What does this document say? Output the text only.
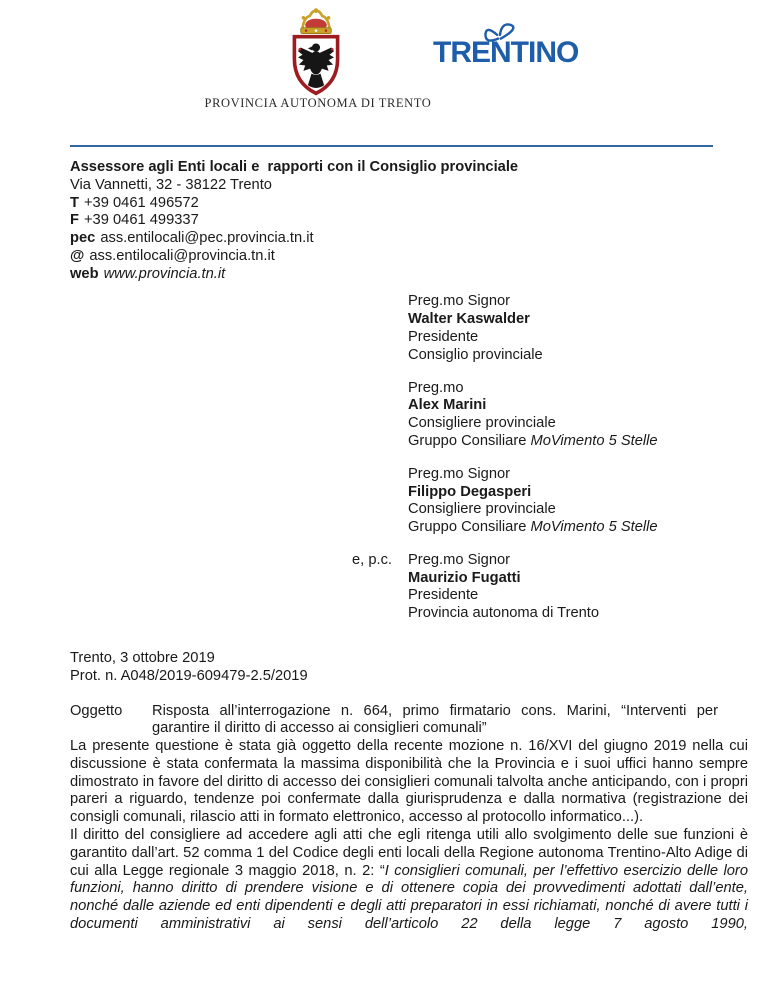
PROVINCIA AUTONOMA DI TRENTO
TRENTINO
Assessore agli Enti locali e  rapporti con il Consiglio provinciale
Via Vannetti, 32 - 38122 Trento
T +39 0461 496572
F +39 0461 499337
pec ass.entilocali@pec.provincia.tn.it
@ ass.entilocali@provincia.tn.it
web www.provincia.tn.it
Preg.mo Signor
Walter Kaswalder
Presidente
Consiglio provinciale
Preg.mo
Alex Marini
Consigliere provinciale
Gruppo Consiliare MoVimento 5 Stelle
Preg.mo Signor
Filippo Degasperi
Consigliere provinciale
Gruppo Consiliare MoVimento 5 Stelle
e, p.c. Preg.mo Signor
Maurizio Fugatti
Presidente
Provincia autonoma di Trento
Trento, 3 ottobre 2019
Prot. n. A048/2019-609479-2.5/2019
Oggetto	Risposta all’interrogazione n. 664, primo firmatario cons. Marini, “Interventi per garantire il diritto di accesso ai consiglieri comunali”

La presente questione è stata già oggetto della recente mozione n. 16/XVI del giugno 2019 nella cui discussione è stata confermata la massima disponibilità che la Provincia e i suoi uffici hanno sempre dimostrato in favore del diritto di accesso dei consiglieri comunali talvolta anche anticipando, con i propri pareri a riguardo, tendenze poi confermate dalla giurisprudenza e dalla normativa (registrazione dei consigli comunali, rilascio atti in formato elettronico, accesso al protocollo informatico...).

Il diritto del consigliere ad accedere agli atti che egli ritenga utili allo svolgimento delle sue funzioni è garantito dall’art. 52 comma 1 del Codice degli enti locali della Regione autonoma Trentino-Alto Adige di cui alla Legge regionale 3 maggio 2018, n. 2: “I consiglieri comunali, per l’effettivo esercizio delle loro funzioni, hanno diritto di prendere visione e di ottenere copia dei provvedimenti adottati dall’ente, nonché dalle aziende ed enti dipendenti e degli atti preparatori in essi richiamati, nonché di avere tutti i documenti amministrativi ai sensi dell’articolo 22 della legge 7 agosto 1990,
